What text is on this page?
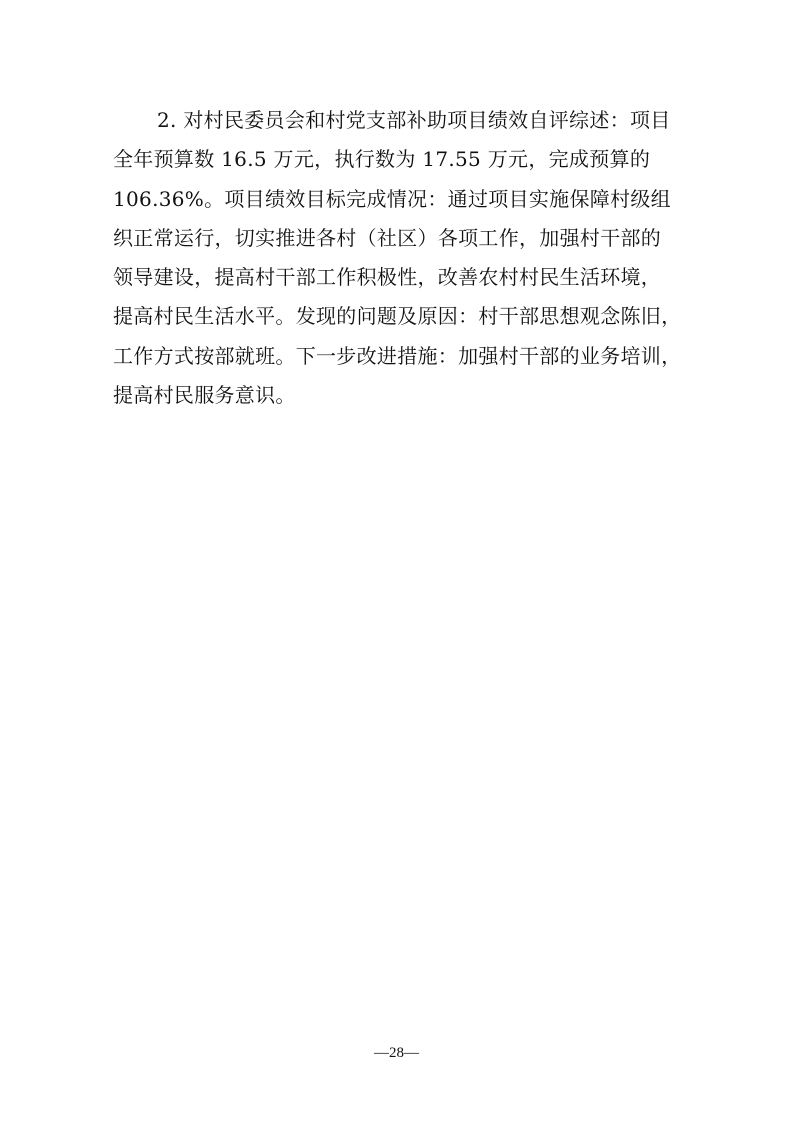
2. 对村民委员会和村党支部补助项目绩效自评综述：项目
全年预算数 16.5 万元，执行数为 17.55 万元，完成预算的
106.36%。项目绩效目标完成情况：通过项目实施保障村级组
织正常运行，切实推进各村（社区）各项工作，加强村干部的
领导建设，提高村干部工作积极性，改善农村村民生活环境，
提高村民生活水平。发现的问题及原因：村干部思想观念陈旧，
工作方式按部就班。下一步改进措施：加强村干部的业务培训，
提高村民服务意识。
—28—
